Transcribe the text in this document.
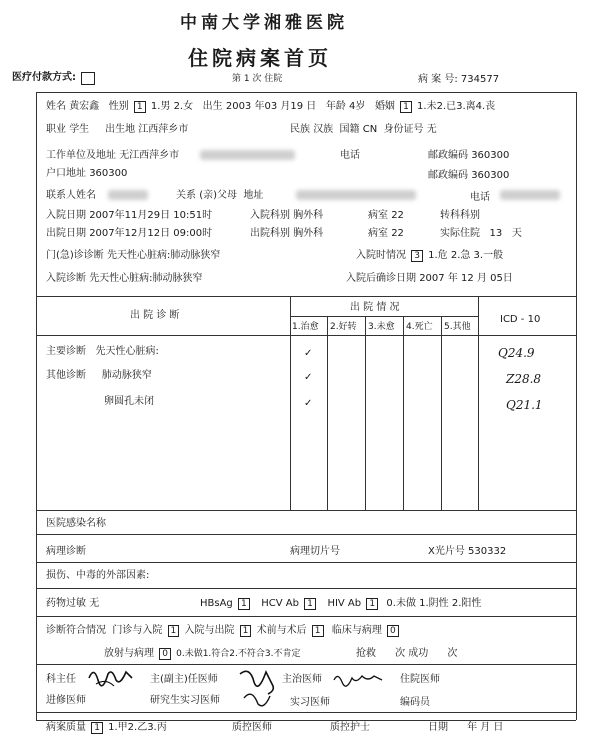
中南大学湘雅医院
住院病案首页
医疗付款方式:	第 1 次 住院	病 案 号: 734577
姓名 黄宏鑫 性别 1 1.男 2.女 出生 2003 年03 月19 日 年龄 4岁 婚姻 1 1.未2.已3.离4.丧
职业 学生 出生地 江西萍乡市	民族 汉族 国籍 CN 身份证号 无
工作单位及地址 无江西萍乡市	电话	邮政编码 360300
户口地址 360300	邮政编码 360300
联系人姓名	关系 (亲)父母 地址	电话
入院日期 2007年11月29日 10:51时	入院科别 胸外科	病室 22	转科科别
出院日期 2007年12月12日 09:00时	出院科别 胸外科	病室 22	实际住院 13 天
门(急)诊诊断 先天性心脏病:肺动脉狭窄	入院时情况 3 1.危 2.急 3.一般
入院诊断 先天性心脏病:肺动脉狭窄	入院后确诊日期 2007 年 12 月 05日
出 院 诊 断
出 院 情 况
ICD - 10
1.治愈 2.好转 3.未愈 4.死亡 5.其他
主要诊断 先天性心脏病:	✓	Q24.9
其他诊断 肺动脉狭窄	✓	Z28.8
卵圆孔未闭	✓	Q21.1
医院感染名称
病理诊断	病理切片号	X光片号 530332
损伤、中毒的外部因素:
药物过敏 无	HBsAg 1 HCV Ab 1 HIV Ab 1 0.未做 1.阴性 2.阳性
诊断符合情况 门诊与入院 1 入院与出院 1 术前与术后 1 临床与病理 0
放射与病理 0 0.未做1.符合2.不符合3.不肯定	抢救 次 成功 次
科主任	主(副主)任医师	主治医师	住院医师
进修医师	研究生实习医师	实习医师	编码员
病案质量 1 1.甲2.乙3.丙	质控医师	质控护士	日期 年 月 日
